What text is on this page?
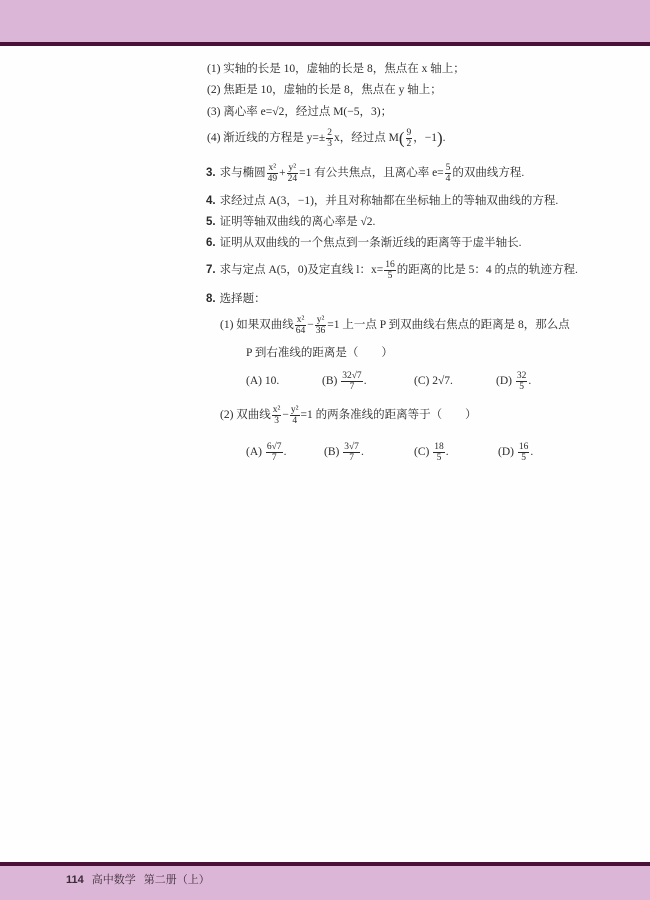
(1) 实轴的长是 10，虚轴的长是 8，焦点在 x 轴上；
(2) 焦距是 10，虚轴的长是 8，焦点在 y 轴上；
(3) 离心率 e=√2，经过点 M(−5，3)；
(4) 渐近线的方程是 $y=\pm \frac{2}{3}$ x，经过点 $M( \frac{9}{2}$ ，−1).
3. 求与椭圆 $\frac{\text{x²}}{49} + \frac{\text{y²}}{24} =1$ 有公共焦点，且离心率 $e= \frac{5}{4}$ 的双曲线方程.
4. 求经过点 A(3，−1)，并且对称轴都在坐标轴上的等轴双曲线的方程.
5. 证明等轴双曲线的离心率是 √2.
6. 证明从双曲线的一个焦点到一条渐近线的距离等于虚半轴长.
7. 求与定点 A(5，0)及定直线 l：$x= \frac{16}{5}$ 的距离的比是 5：4 的点的轨迹方程.
8. 选择题：
(1) 如果双曲线 $\frac{\text{x²}}{64} - \frac{\text{y²}}{36} =1$ 上一点 P 到双曲线右焦点的距离是 8，那么点
P 到右准线的距离是（　　）
(A) 10.	$(B) \frac{32√7}{7}$ .	(C) 2√7.	$(D) \frac{32}{5}$ .
(2) 双曲线 $\frac{\text{x²}}{3} - \frac{\text{y²}}{4} =1$ 的两条准线的距离等于（　　）
$(A) \frac{6√7}{7}$ .	$(B) \frac{3√7}{7}$ .	$(C) \frac{18}{5}$ .	$(D) \frac{16}{5}$ .
114 高中数学 第二册（上）
